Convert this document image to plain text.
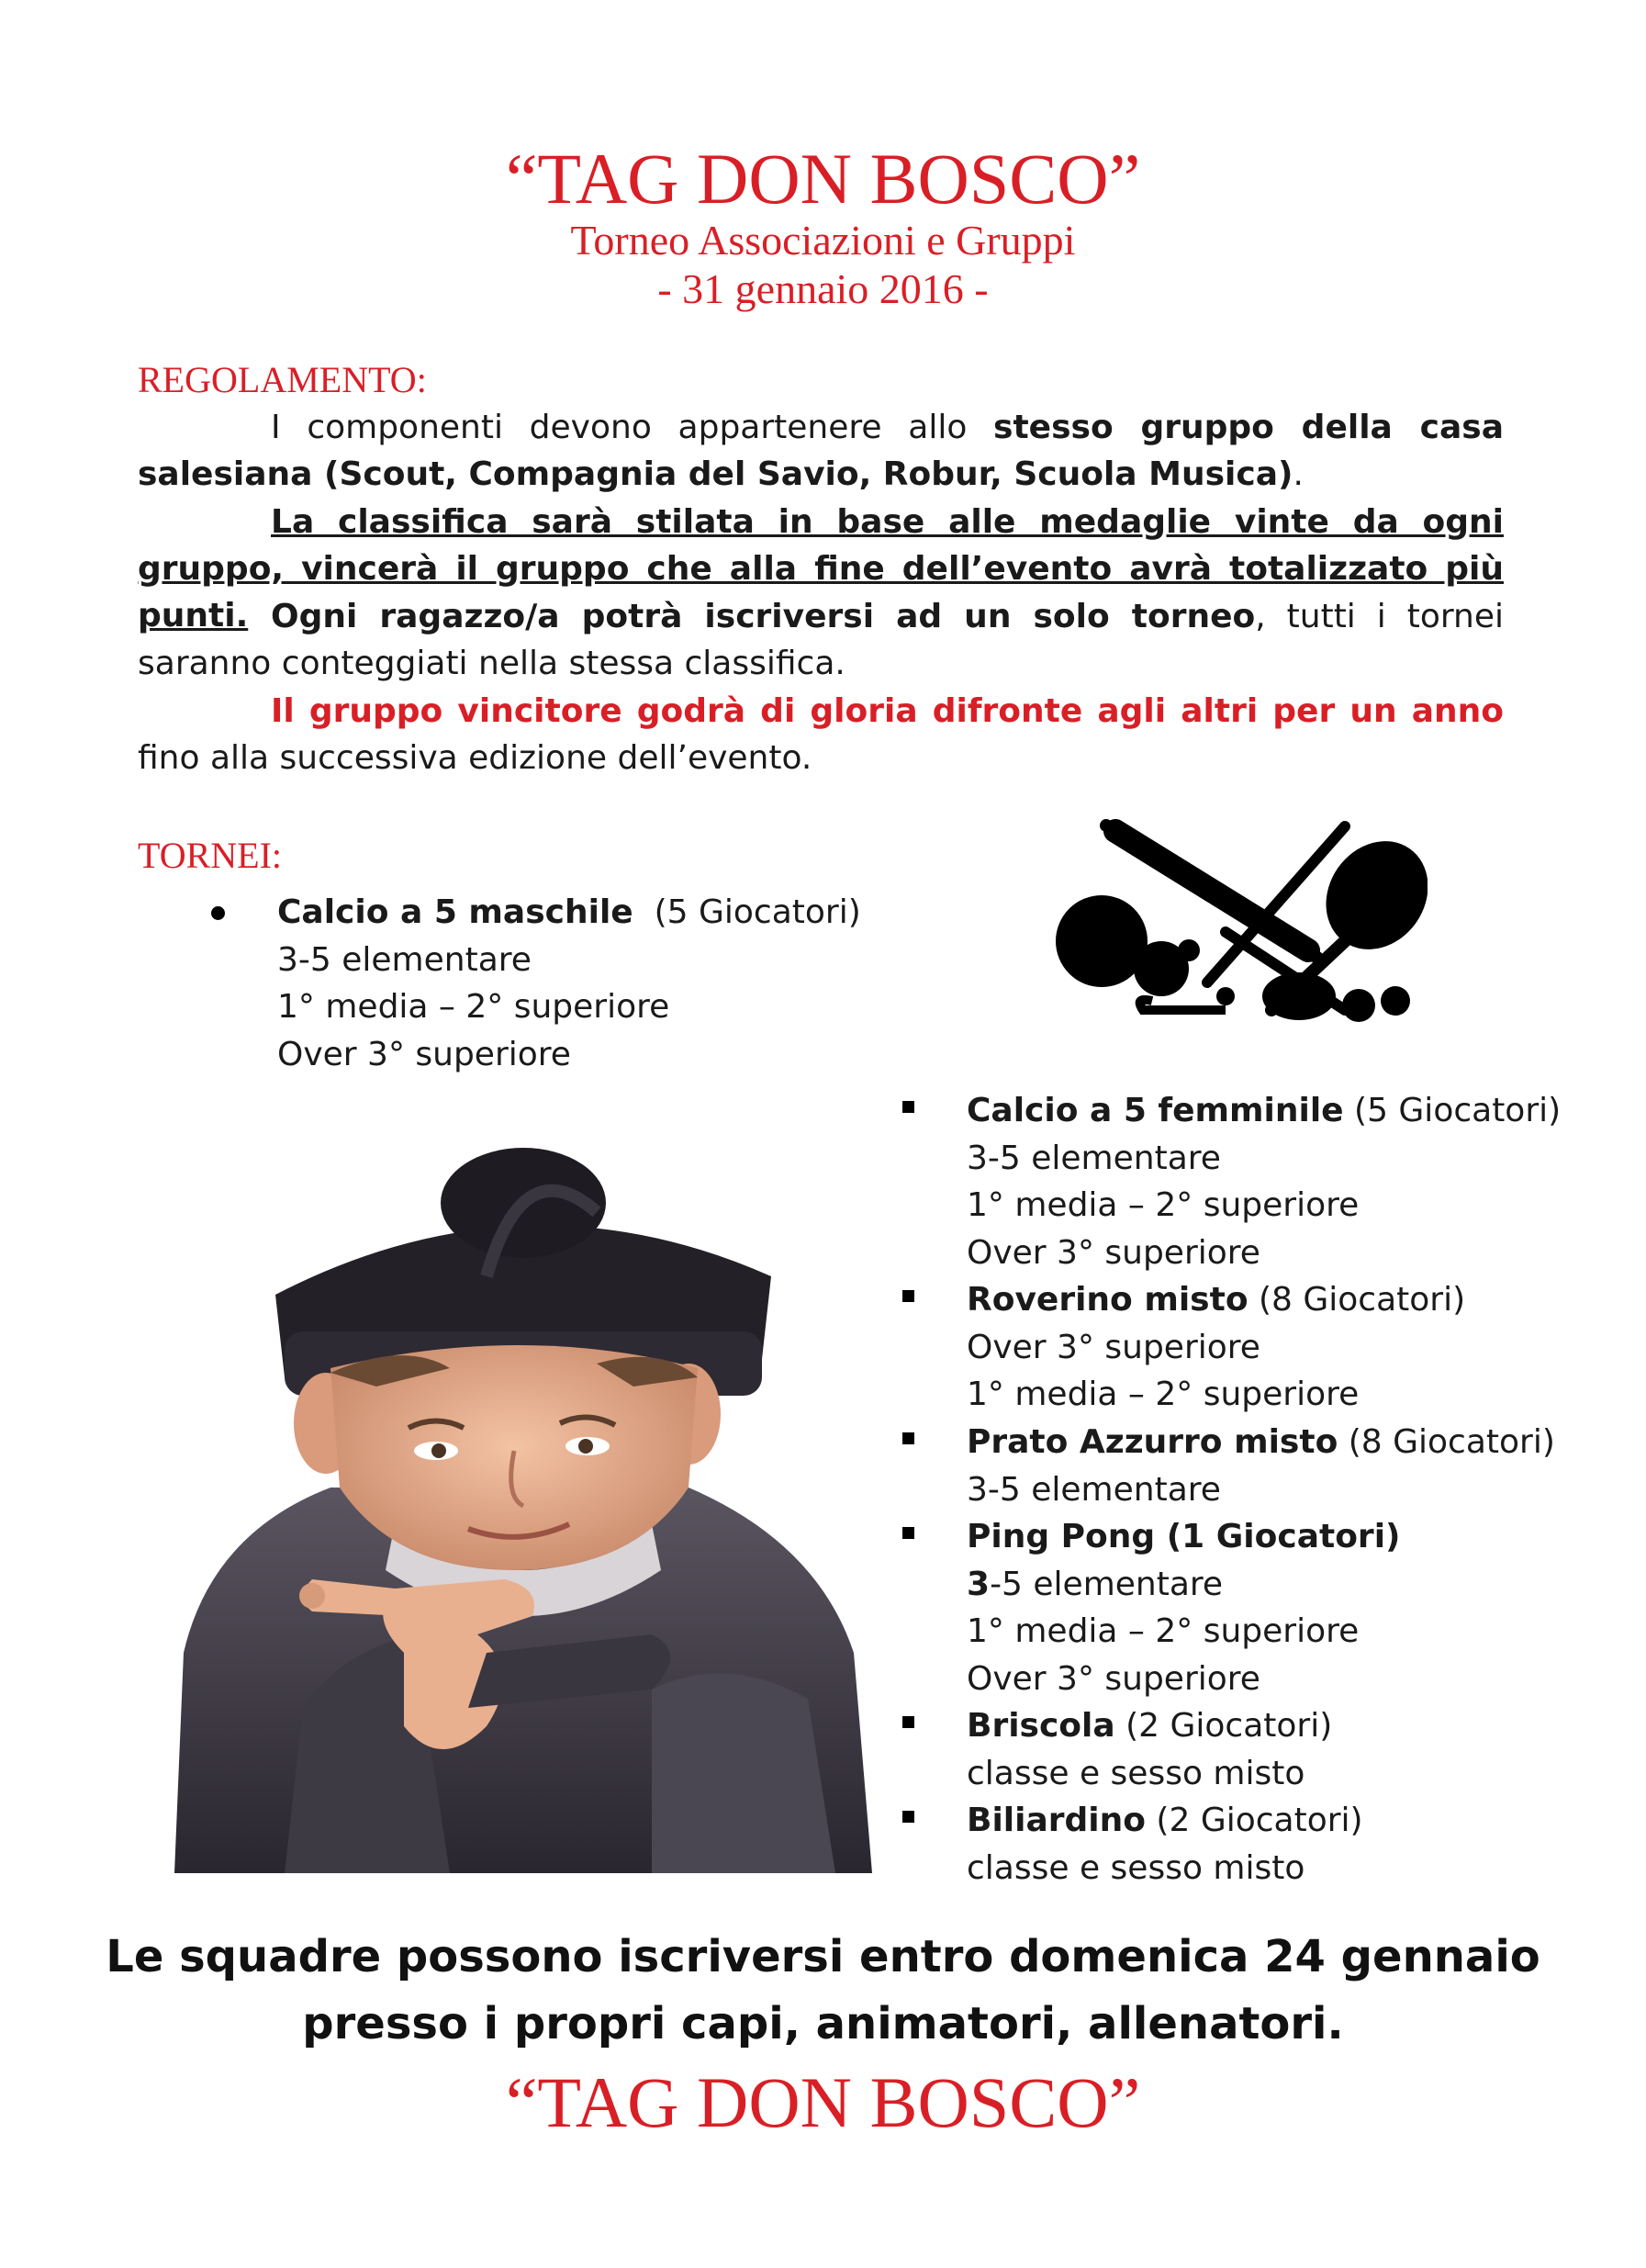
“TAG DON BOSCO”
Torneo Associazioni e Gruppi
- 31 gennaio 2016 -
REGOLAMENTO:
I componenti devono appartenere allo stesso gruppo della casa salesiana (Scout, Compagnia del Savio, Robur, Scuola Musica).
La classifica sarà stilata in base alle medaglie vinte da ogni gruppo, vincerà il gruppo che alla fine dell’evento avrà totalizzato più punti. Ogni ragazzo/a potrà iscriversi ad un solo torneo, tutti i tornei saranno conteggiati nella stessa classifica.
Il gruppo vincitore godrà di gloria difronte agli altri per un anno fino alla successiva edizione dell’evento.
TORNEI:
Calcio a 5 maschile  (5 Giocatori)
3-5 elementare
1° media – 2° superiore
Over 3° superiore
Calcio a 5 femminile (5 Giocatori)
3-5 elementare
1° media – 2° superiore
Over 3° superiore
Roverino misto (8 Giocatori)
Over 3° superiore
1° media – 2° superiore
Prato Azzurro misto (8 Giocatori)
3-5 elementare
Ping Pong (1 Giocatori)
3-5 elementare
1° media – 2° superiore
Over 3° superiore
Briscola (2 Giocatori)
classe e sesso misto
Biliardino (2 Giocatori)
classe e sesso misto
Le squadre possono iscriversi entro domenica 24 gennaio
presso i propri capi, animatori, allenatori.
“TAG DON BOSCO”
